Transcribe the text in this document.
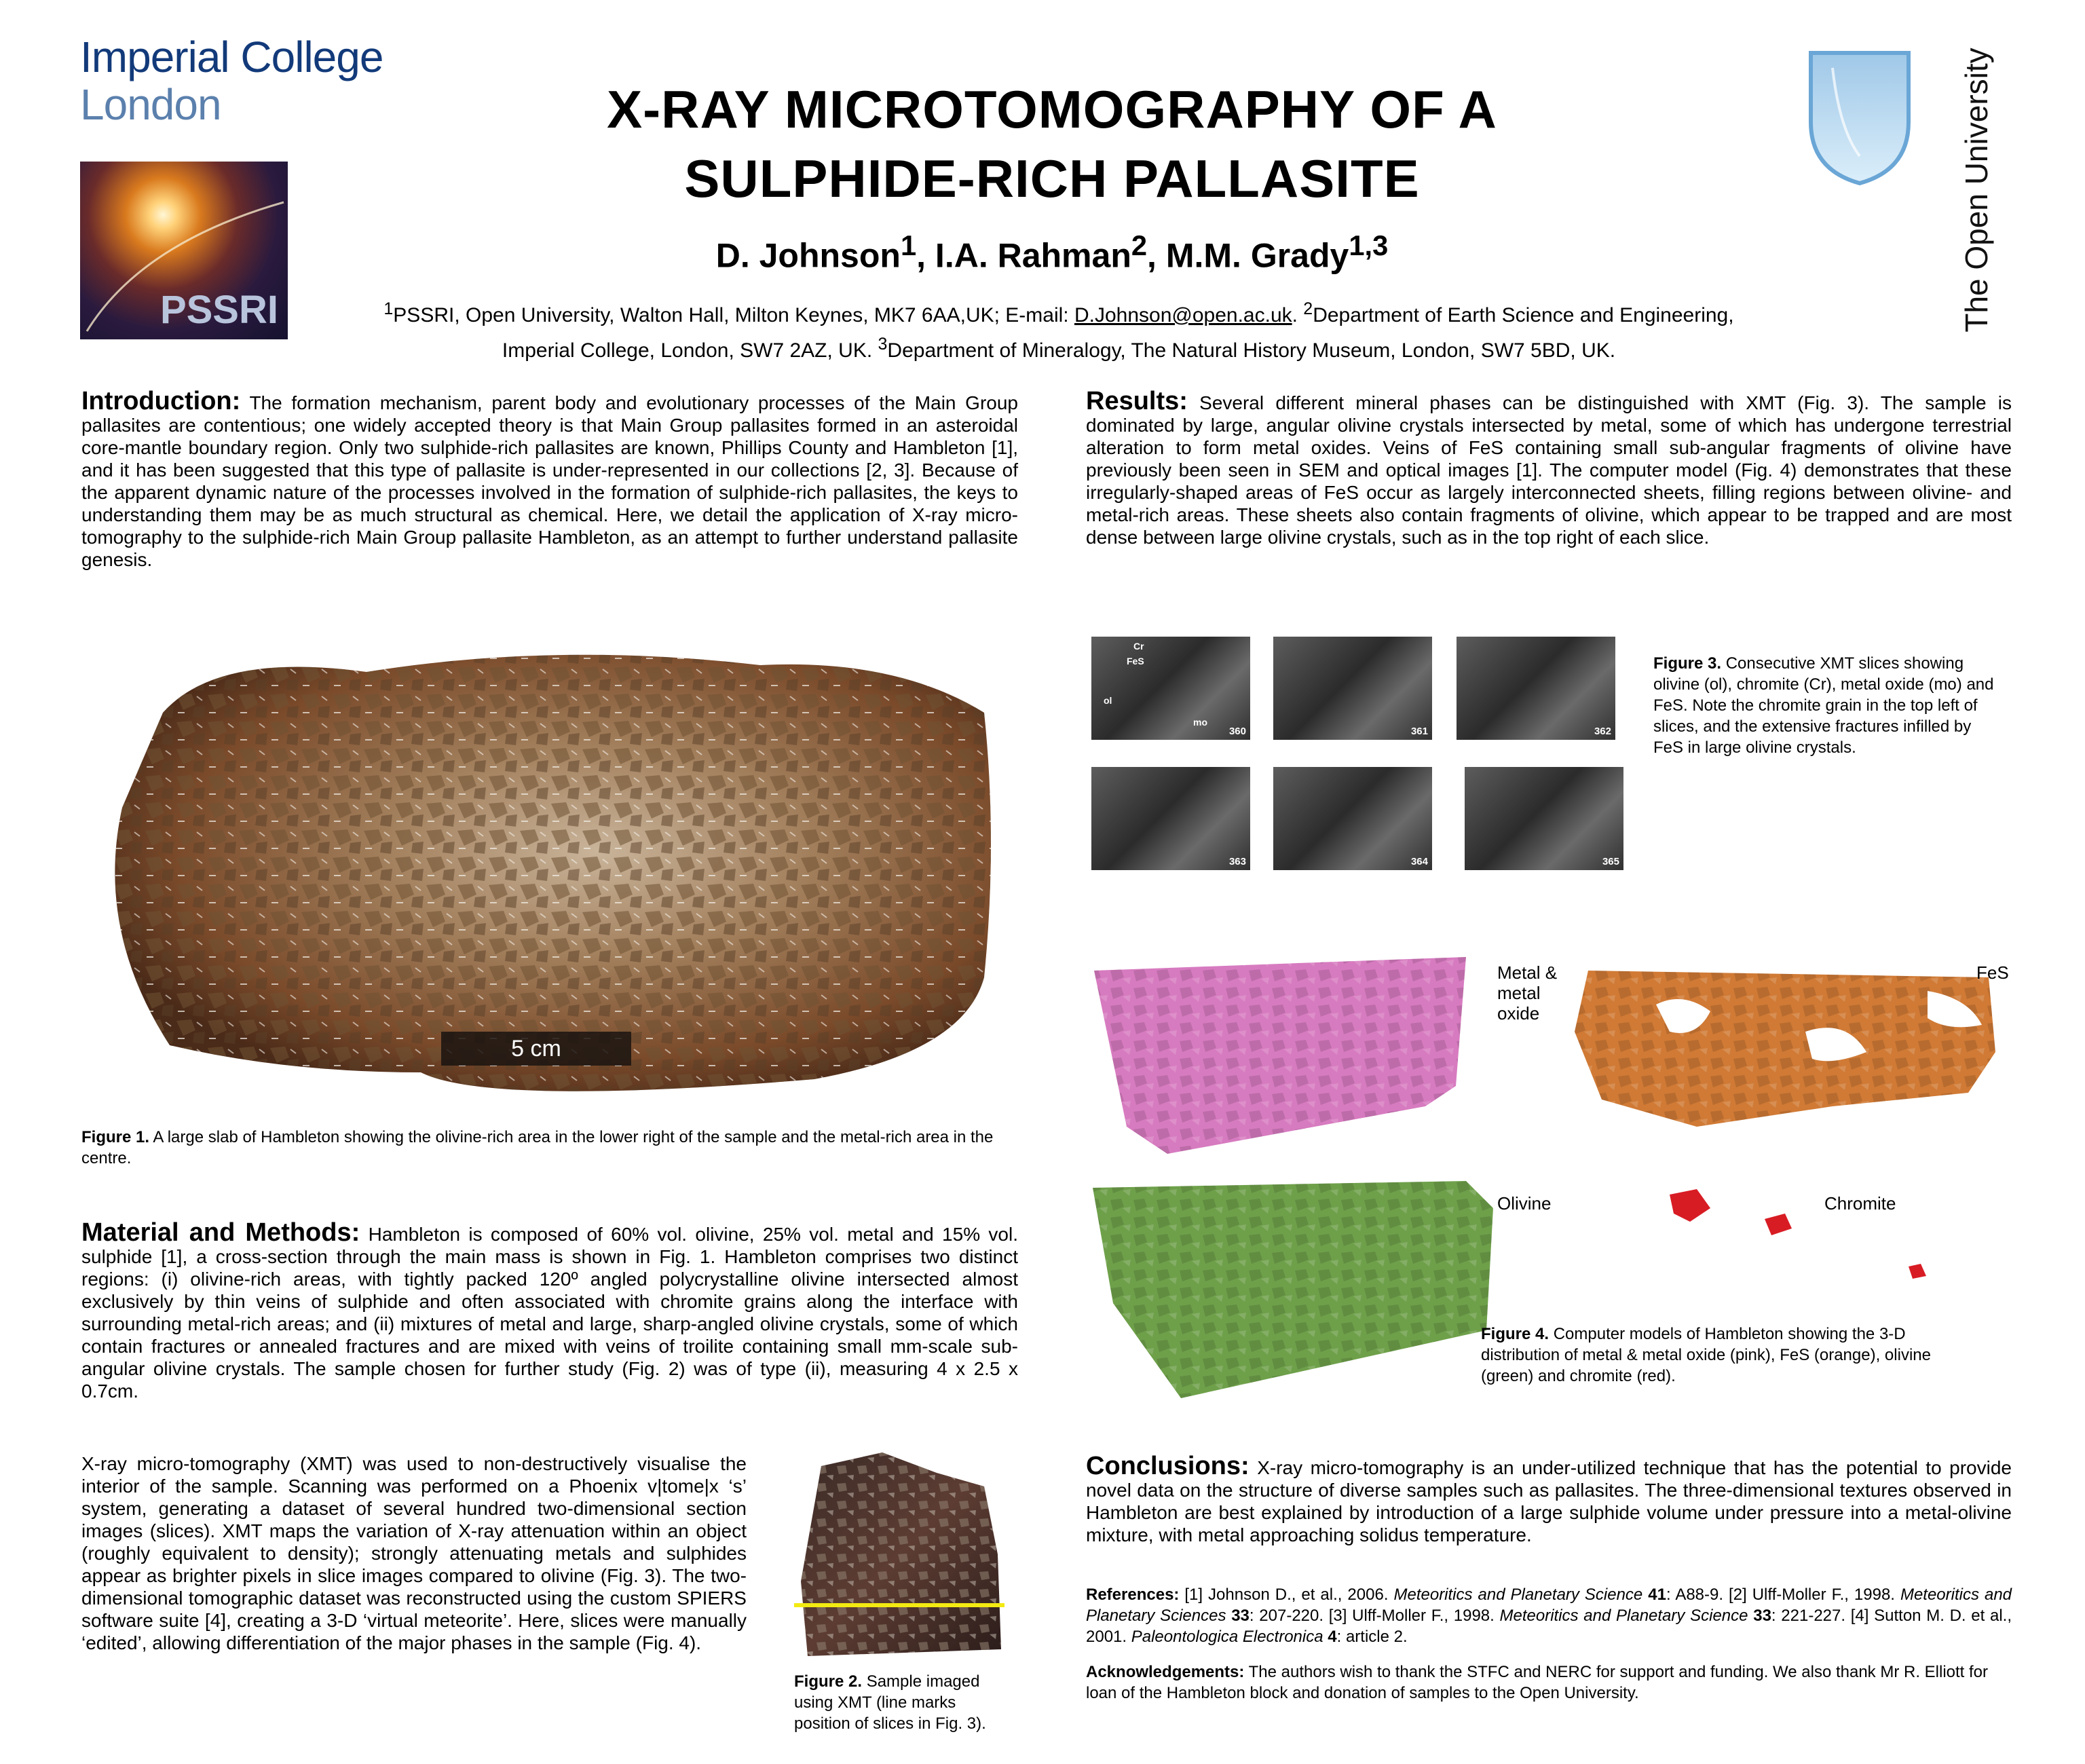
Imperial College
London
PSSRI
X-RAY MICROTOMOGRAPHY OF A
SULPHIDE-RICH PALLASITE
D. Johnson$^1$, I.A. Rahman$^2$, M.M. Grady$^{1,3}$
$^1$PSSRI, Open University, Walton Hall, Milton Keynes, MK7 6AA,UK; E-mail: D.Johnson@open.ac.uk. $^2$Department of Earth Science and Engineering, Imperial College, London, SW7 2AZ, UK. $^3$Department of Mineralogy, The Natural History Museum, London, SW7 5BD, UK.
The Open University
Introduction: The formation mechanism, parent body and evolutionary processes of the Main Group pallasites are contentious; one widely accepted theory is that Main Group pallasites formed in an asteroidal core-mantle boundary region. Only two sulphide-rich pallasites are known, Phillips County and Hambleton [1], and it has been suggested that this type of pallasite is under-represented in our collections [2, 3]. Because of the apparent dynamic nature of the processes involved in the formation of sulphide-rich pallasites, the keys to understanding them may be as much structural as chemical. Here, we detail the application of X-ray micro-tomography to the sulphide-rich Main Group pallasite Hambleton, as an attempt to further understand pallasite genesis.
5 cm
Figure 1. A large slab of Hambleton showing the olivine-rich area in the lower right of the sample and the metal-rich area in the centre.
Material and Methods: Hambleton is composed of 60% vol. olivine, 25% vol. metal and 15% vol. sulphide [1], a cross-section through the main mass is shown in Fig. 1. Hambleton comprises two distinct regions: (i) olivine-rich areas, with tightly packed 120º angled polycrystalline olivine intersected almost exclusively by thin veins of sulphide and often associated with chromite grains along the interface with surrounding metal-rich areas; and (ii) mixtures of metal and large, sharp-angled olivine crystals, some of which contain fractures or annealed fractures and are mixed with veins of troilite containing small mm-scale sub-angular olivine crystals. The sample chosen for further study (Fig. 2) was of type (ii), measuring 4 x 2.5 x 0.7cm.
X-ray micro-tomography (XMT) was used to non-destructively visualise the interior of the sample. Scanning was performed on a Phoenix v|tome|x ‘s’ system, generating a dataset of several hundred two-dimensional section images (slices). XMT maps the variation of X-ray attenuation within an object (roughly equivalent to density); strongly attenuating metals and sulphides appear as brighter pixels in slice images compared to olivine (Fig. 3). The two-dimensional tomographic dataset was reconstructed using the custom SPIERS software suite [4], creating a 3-D ‘virtual meteorite’. Here, slices were manually ‘edited’, allowing differentiation of the major phases in the sample (Fig. 4).
Figure 2. Sample imaged using XMT (line marks position of slices in Fig. 3).
Results: Several different mineral phases can be distinguished with XMT (Fig. 3). The sample is dominated by large, angular olivine crystals intersected by metal, some of which has undergone terrestrial alteration to form metal oxides. Veins of FeS containing small sub-angular fragments of olivine have previously been seen in SEM and optical images [1]. The computer model (Fig. 4) demonstrates that these irregularly-shaped areas of FeS occur as largely interconnected sheets, filling regions between olivine- and metal-rich areas. These sheets also contain fragments of olivine, which appear to be trapped and are most dense between large olivine crystals, such as in the top right of each slice.
Cr
FeS
ol
mo
360	361	362
363	364	365
Figure 3. Consecutive XMT slices showing olivine (ol), chromite (Cr), metal oxide (mo) and FeS. Note the chromite grain in the top left of slices, and the extensive fractures infilled by FeS in large olivine crystals.
Metal & metal oxide
FeS
Olivine	Chromite
Figure 4. Computer models of Hambleton showing the 3-D distribution of metal & metal oxide (pink), FeS (orange), olivine (green) and chromite (red).
Conclusions: X-ray micro-tomography is an under-utilized technique that has the potential to provide novel data on the structure of diverse samples such as pallasites. The three-dimensional textures observed in Hambleton are best explained by introduction of a large sulphide volume under pressure into a metal-olivine mixture, with metal approaching solidus temperature.
References: [1] Johnson D., et al., 2006. Meteoritics and Planetary Science 41: A88-9. [2] Ulff-Moller F., 1998. Meteoritics and Planetary Sciences 33: 207-220. [3] Ulff-Moller F., 1998. Meteoritics and Planetary Science 33: 221-227. [4] Sutton M. D. et al., 2001. Paleontologica Electronica 4: article 2.
Acknowledgements: The authors wish to thank the STFC and NERC for support and funding. We also thank Mr R. Elliott for loan of the Hambleton block and donation of samples to the Open University.
